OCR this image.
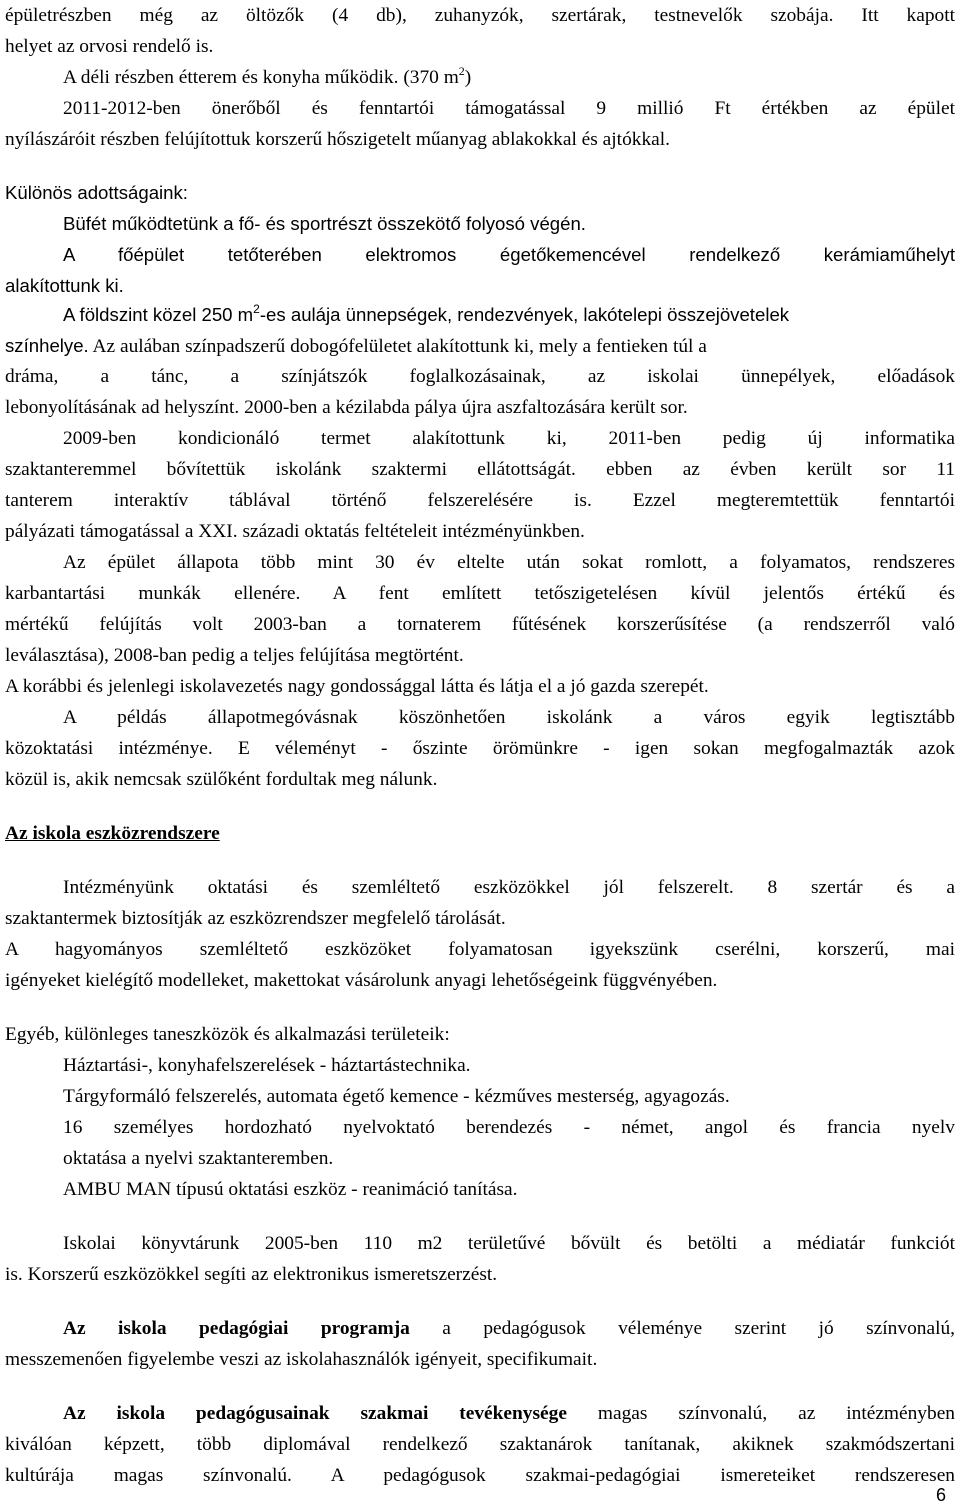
épületrészben még az öltözők (4 db), zuhanyzók, szertárak, testnevelők szobája. Itt kapott
helyet az orvosi rendelő is.
A déli részben étterem és konyha működik. (370 $m^2$)
2011-2012-ben önerőből és fenntartói támogatással 9 millió Ft értékben az épület
nyílászáróit részben felújítottuk korszerű hőszigetelt műanyag ablakokkal és ajtókkal.
Különös adottságaink:
Büfét működtetünk a fő- és sportrészt összekötő folyosó végén.
A főépület tetőterében elektromos égetőkemencével rendelkező kerámiaműhelyt
alakítottunk ki.
A földszint közel 250 $m^2-es$ aulája ünnepségek, rendezvények, lakótelepi összejövetelek
színhelye. Az aulában színpadszerű dobogófelületet alakítottunk ki, mely a fentieken túl a
dráma, a tánc, a színjátszók foglalkozásainak, az iskolai ünnepélyek, előadások
lebonyolításának ad helyszínt. 2000-ben a kézilabda pálya újra aszfaltozására került sor.
2009-ben kondicionáló termet alakítottunk ki, 2011-ben pedig új informatika
szaktanteremmel bővítettük iskolánk szaktermi ellátottságát. ebben az évben került sor 11
tanterem interaktív táblával történő felszerelésére is. Ezzel megteremtettük fenntartói
pályázati támogatással a XXI. századi oktatás feltételeit intézményünkben.
Az épület állapota több mint 30 év eltelte után sokat romlott, a folyamatos, rendszeres
karbantartási munkák ellenére. A fent említett tetőszigetelésen kívül jelentős értékű és
mértékű felújítás volt 2003-ban a tornaterem fűtésének korszerűsítése (a rendszerről való
leválasztása), 2008-ban pedig a teljes felújítása megtörtént.
A korábbi és jelenlegi iskolavezetés nagy gondossággal látta és látja el a jó gazda szerepét.
A példás állapotmegóvásnak köszönhetően iskolánk a város egyik legtisztább
közoktatási intézménye. E véleményt - őszinte örömünkre - igen sokan megfogalmazták azok
közül is, akik nemcsak szülőként fordultak meg nálunk.
Az iskola eszközrendszere
Intézményünk oktatási és szemléltető eszközökkel jól felszerelt. 8 szertár és a
szaktantermek biztosítják az eszközrendszer megfelelő tárolását.
A hagyományos szemléltető eszközöket folyamatosan igyekszünk cserélni, korszerű, mai
igényeket kielégítő modelleket, makettokat vásárolunk anyagi lehetőségeink függvényében.
Egyéb, különleges taneszközök és alkalmazási területeik:
Háztartási-, konyhafelszerelések - háztartástechnika.
Tárgyformáló felszerelés, automata égető kemence - kézműves mesterség, agyagozás.
16 személyes hordozható nyelvoktató berendezés - német, angol és francia nyelv
oktatása a nyelvi szaktanteremben.
AMBU MAN típusú oktatási eszköz - reanimáció tanítása.
Iskolai könyvtárunk 2005-ben 110 m2 területűvé bővült és betölti a médiatár funkciót
is. Korszerű eszközökkel segíti az elektronikus ismeretszerzést.
Az iskola pedagógiai programja a pedagógusok véleménye szerint jó színvonalú,
messzemenően figyelembe veszi az iskolahasználók igényeit, specifikumait.
Az iskola pedagógusainak szakmai tevékenysége magas színvonalú, az intézményben
kiválóan képzett, több diplomával rendelkező szaktanárok tanítanak, akiknek szakmódszertani
kultúrája magas színvonalú. A pedagógusok szakmai-pedagógiai ismereteiket rendszeresen
6
